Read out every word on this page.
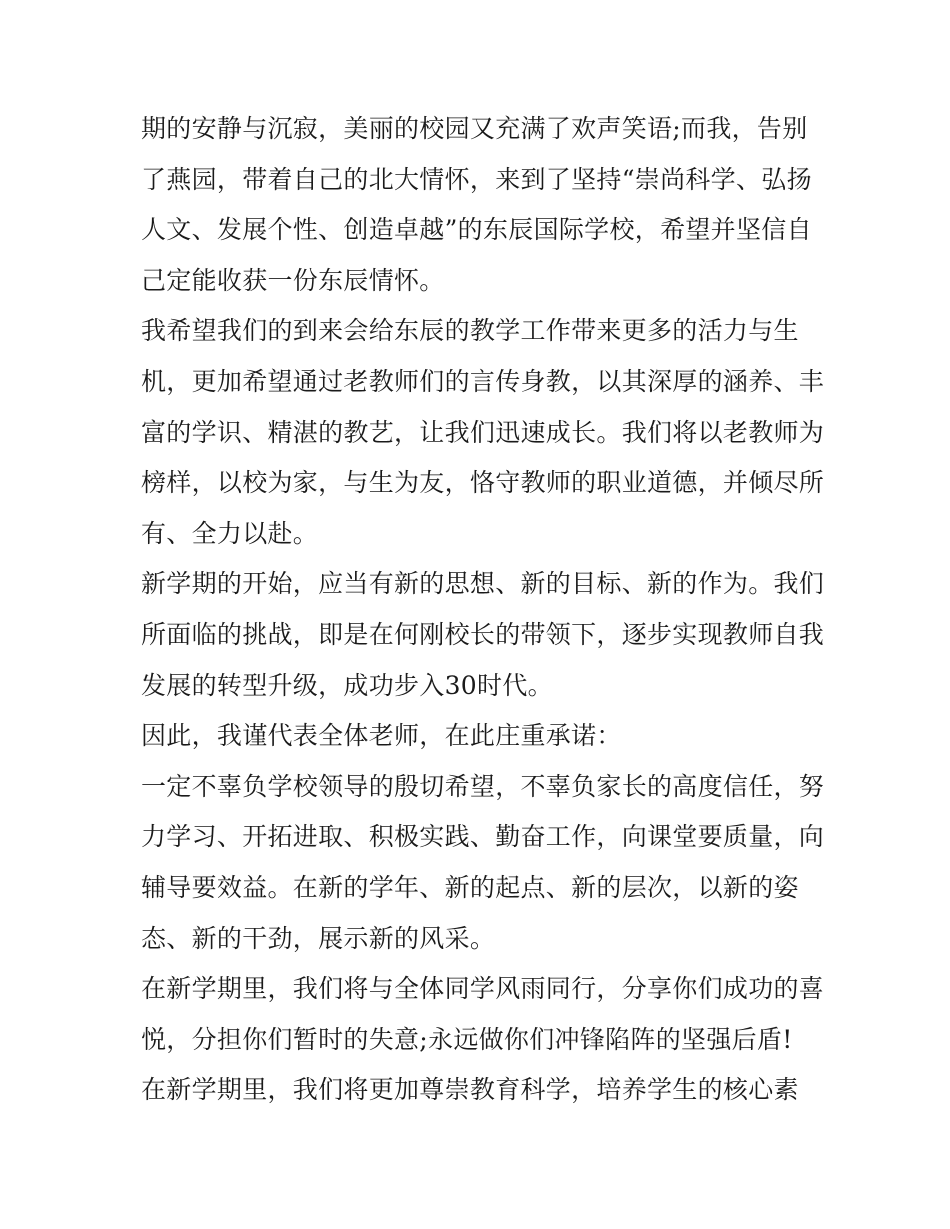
期的安静与沉寂，美丽的校园又充满了欢声笑语;而我，告别
了燕园，带着自己的北大情怀，来到了坚持“崇尚科学、弘扬
人文、发展个性、创造卓越”的东辰国际学校，希望并坚信自
己定能收获一份东辰情怀。
我希望我们的到来会给东辰的教学工作带来更多的活力与生
机，更加希望通过老教师们的言传身教，以其深厚的涵养、丰
富的学识、精湛的教艺，让我们迅速成长。我们将以老教师为
榜样，以校为家，与生为友，恪守教师的职业道德，并倾尽所
有、全力以赴。
新学期的开始，应当有新的思想、新的目标、新的作为。我们
所面临的挑战，即是在何刚校长的带领下，逐步实现教师自我
发展的转型升级，成功步入30时代。
因此，我谨代表全体老师，在此庄重承诺：
一定不辜负学校领导的殷切希望，不辜负家长的高度信任，努
力学习、开拓进取、积极实践、勤奋工作，向课堂要质量，向
辅导要效益。在新的学年、新的起点、新的层次，以新的姿
态、新的干劲，展示新的风采。
在新学期里，我们将与全体同学风雨同行，分享你们成功的喜
悦，分担你们暂时的失意;永远做你们冲锋陷阵的坚强后盾!
在新学期里，我们将更加尊崇教育科学，培养学生的核心素
